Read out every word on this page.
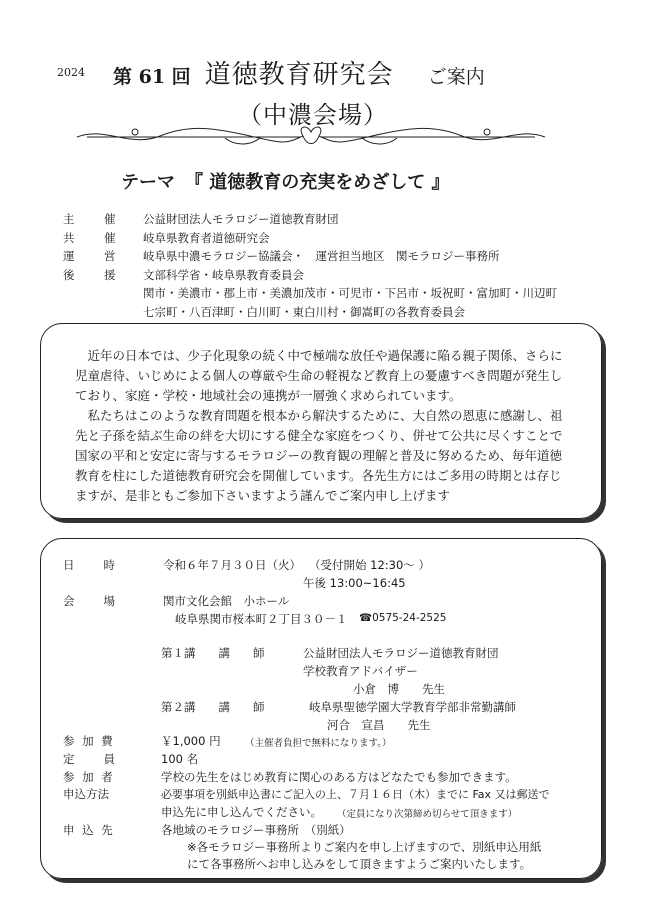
2024 第 61 回 道徳教育研究会 ご案内
（中濃会場）
テーマ 『 道徳教育の充実をめざして 』
主　催	公益財団法人モラロジー道徳教育財団
共　催	岐阜県教育者道徳研究会
運　営	岐阜県中濃モラロジー協議会・　運営担当地区　関モラロジー事務所
後　援	文部科学省・岐阜県教育委員会
関市・美濃市・郡上市・美濃加茂市・可児市・下呂市・坂祝町・富加町・川辺町
七宗町・八百津町・白川町・東白川村・御嵩町の各教育委員会

近年の日本では、少子化現象の続く中で極端な放任や過保護に陥る親子関係、さらに児童虐待、いじめによる個人の尊厳や生命の軽視など教育上の憂慮すべき問題が発生しており、家庭・学校・地域社会の連携が一層強く求められています。

私たちはこのような教育問題を根本から解決するために、大自然の恩恵に感謝し、祖先と子孫を結ぶ生命の絆を大切にする健全な家庭をつくり、併せて公共に尽くすことで国家の平和と安定に寄与するモラロジーの教育観の理解と普及に努めるため、毎年道徳教育を柱にした道徳教育研究会を開催しています。各先生方にはご多用の時期とは存じますが、是非ともご参加下さいますよう謹んでご案内申し上げます

日　　時	令和６年７月３０日（火） （受付開始 12:30～ ）
午後 13:00~16:45
会　　場	関市文化会館　小ホール
岐阜県関市桜本町２丁目３０－１ ☎0575-24-2525
第１講　　講　　師	公益財団法人モラロジー道徳教育財団
学校教育アドバイザー
小倉　博　　先生
第２講　　講　　師	岐阜県聖徳学園大学教育学部非常勤講師
河合　宣昌　　先生
参 加 費	￥1,000 円	（主催者負担で無料になります。）
定　　員	100 名
参 加 者	学校の先生をはじめ教育に関心のある方はどなたでも参加できます。
申込方法	必要事項を別紙申込書にご記入の上、７月１６日（木）までに Fax 又は郵送で
申込先に申し込んでください。 （定員になり次第締め切らせて頂きます）
申 込 先	各地域のモラロジー事務所　（別紙）
※各モラロジー事務所よりご案内を申し上げますので、別紙申込用紙
にて各事務所へお申し込みをして頂きますようご案内いたします。
